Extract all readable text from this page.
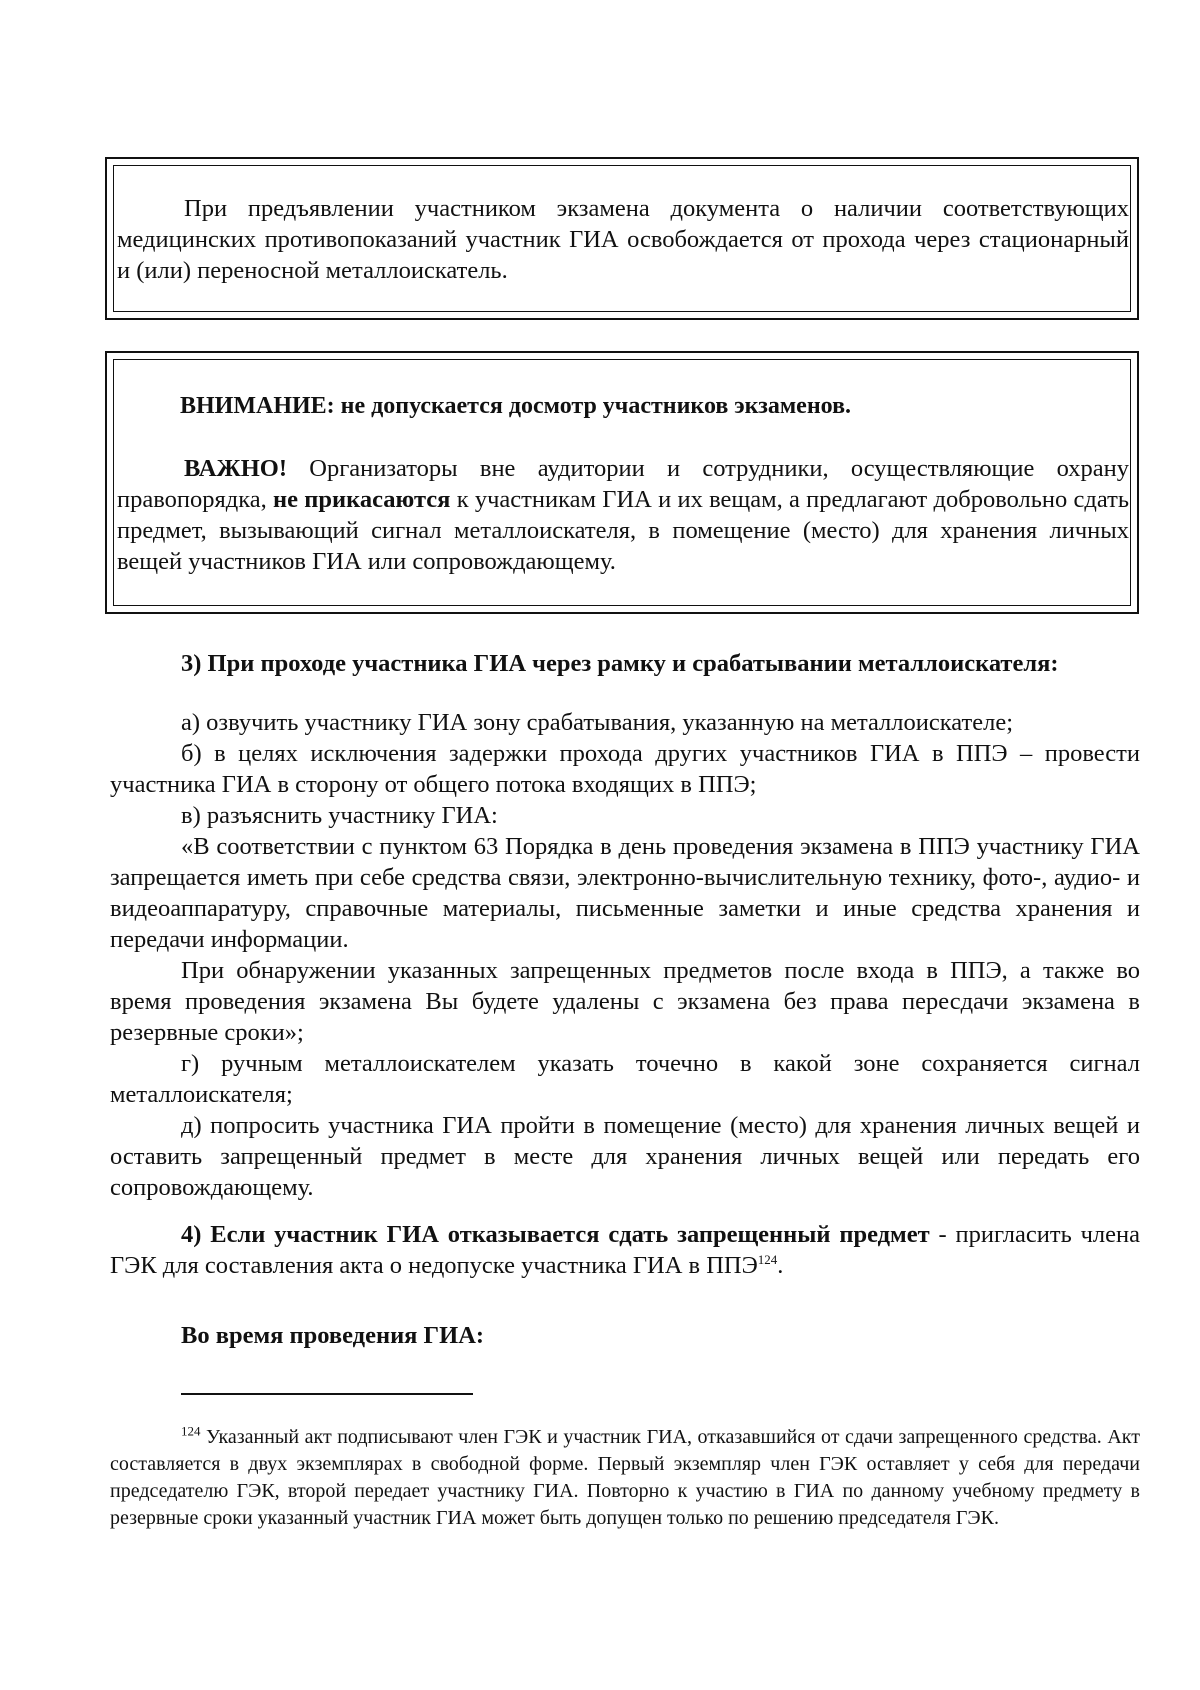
При предъявлении участником экзамена документа о наличии соответствующих медицинских противопоказаний участник ГИА освобождается от прохода через стационарный и (или) переносной металлоискатель.

ВНИМАНИЕ: не допускается досмотр участников экзаменов.

ВАЖНО! Организаторы вне аудитории и сотрудники, осуществляющие охрану правопорядка, не прикасаются к участникам ГИА и их вещам, а предлагают добровольно сдать предмет, вызывающий сигнал металлоискателя, в помещение (место) для хранения личных вещей участников ГИА или сопровождающему.

3) При проходе участника ГИА через рамку и срабатывании металлоискателя:

а) озвучить участнику ГИА зону срабатывания, указанную на металлоискателе;

б) в целях исключения задержки прохода других участников ГИА в ППЭ – провести участника ГИА в сторону от общего потока входящих в ППЭ;

в) разъяснить участнику ГИА:

«В соответствии с пунктом 63 Порядка в день проведения экзамена в ППЭ участнику ГИА запрещается иметь при себе средства связи, электронно-вычислительную технику, фото-, аудио- и видеоаппаратуру, справочные материалы, письменные заметки и иные средства хранения и передачи информации.

При обнаружении указанных запрещенных предметов после входа в ППЭ, а также во время проведения экзамена Вы будете удалены с экзамена без права пересдачи экзамена в резервные сроки»;

г) ручным металлоискателем указать точечно в какой зоне сохраняется сигнал металлоискателя;

д) попросить участника ГИА пройти в помещение (место) для хранения личных вещей и оставить запрещенный предмет в месте для хранения личных вещей или передать его сопровождающему.

4) Если участник ГИА отказывается сдать запрещенный предмет - пригласить члена ГЭК для составления акта о недопуске участника ГИА в ППЭ$^{124}$.

Во время проведения ГИА:

$^{124}$ Указанный акт подписывают член ГЭК и участник ГИА, отказавшийся от сдачи запрещенного средства. Акт составляется в двух экземплярах в свободной форме. Первый экземпляр член ГЭК оставляет у себя для передачи председателю ГЭК, второй передает участнику ГИА. Повторно к участию в ГИА по данному учебному предмету в резервные сроки указанный участник ГИА может быть допущен только по решению председателя ГЭК.
